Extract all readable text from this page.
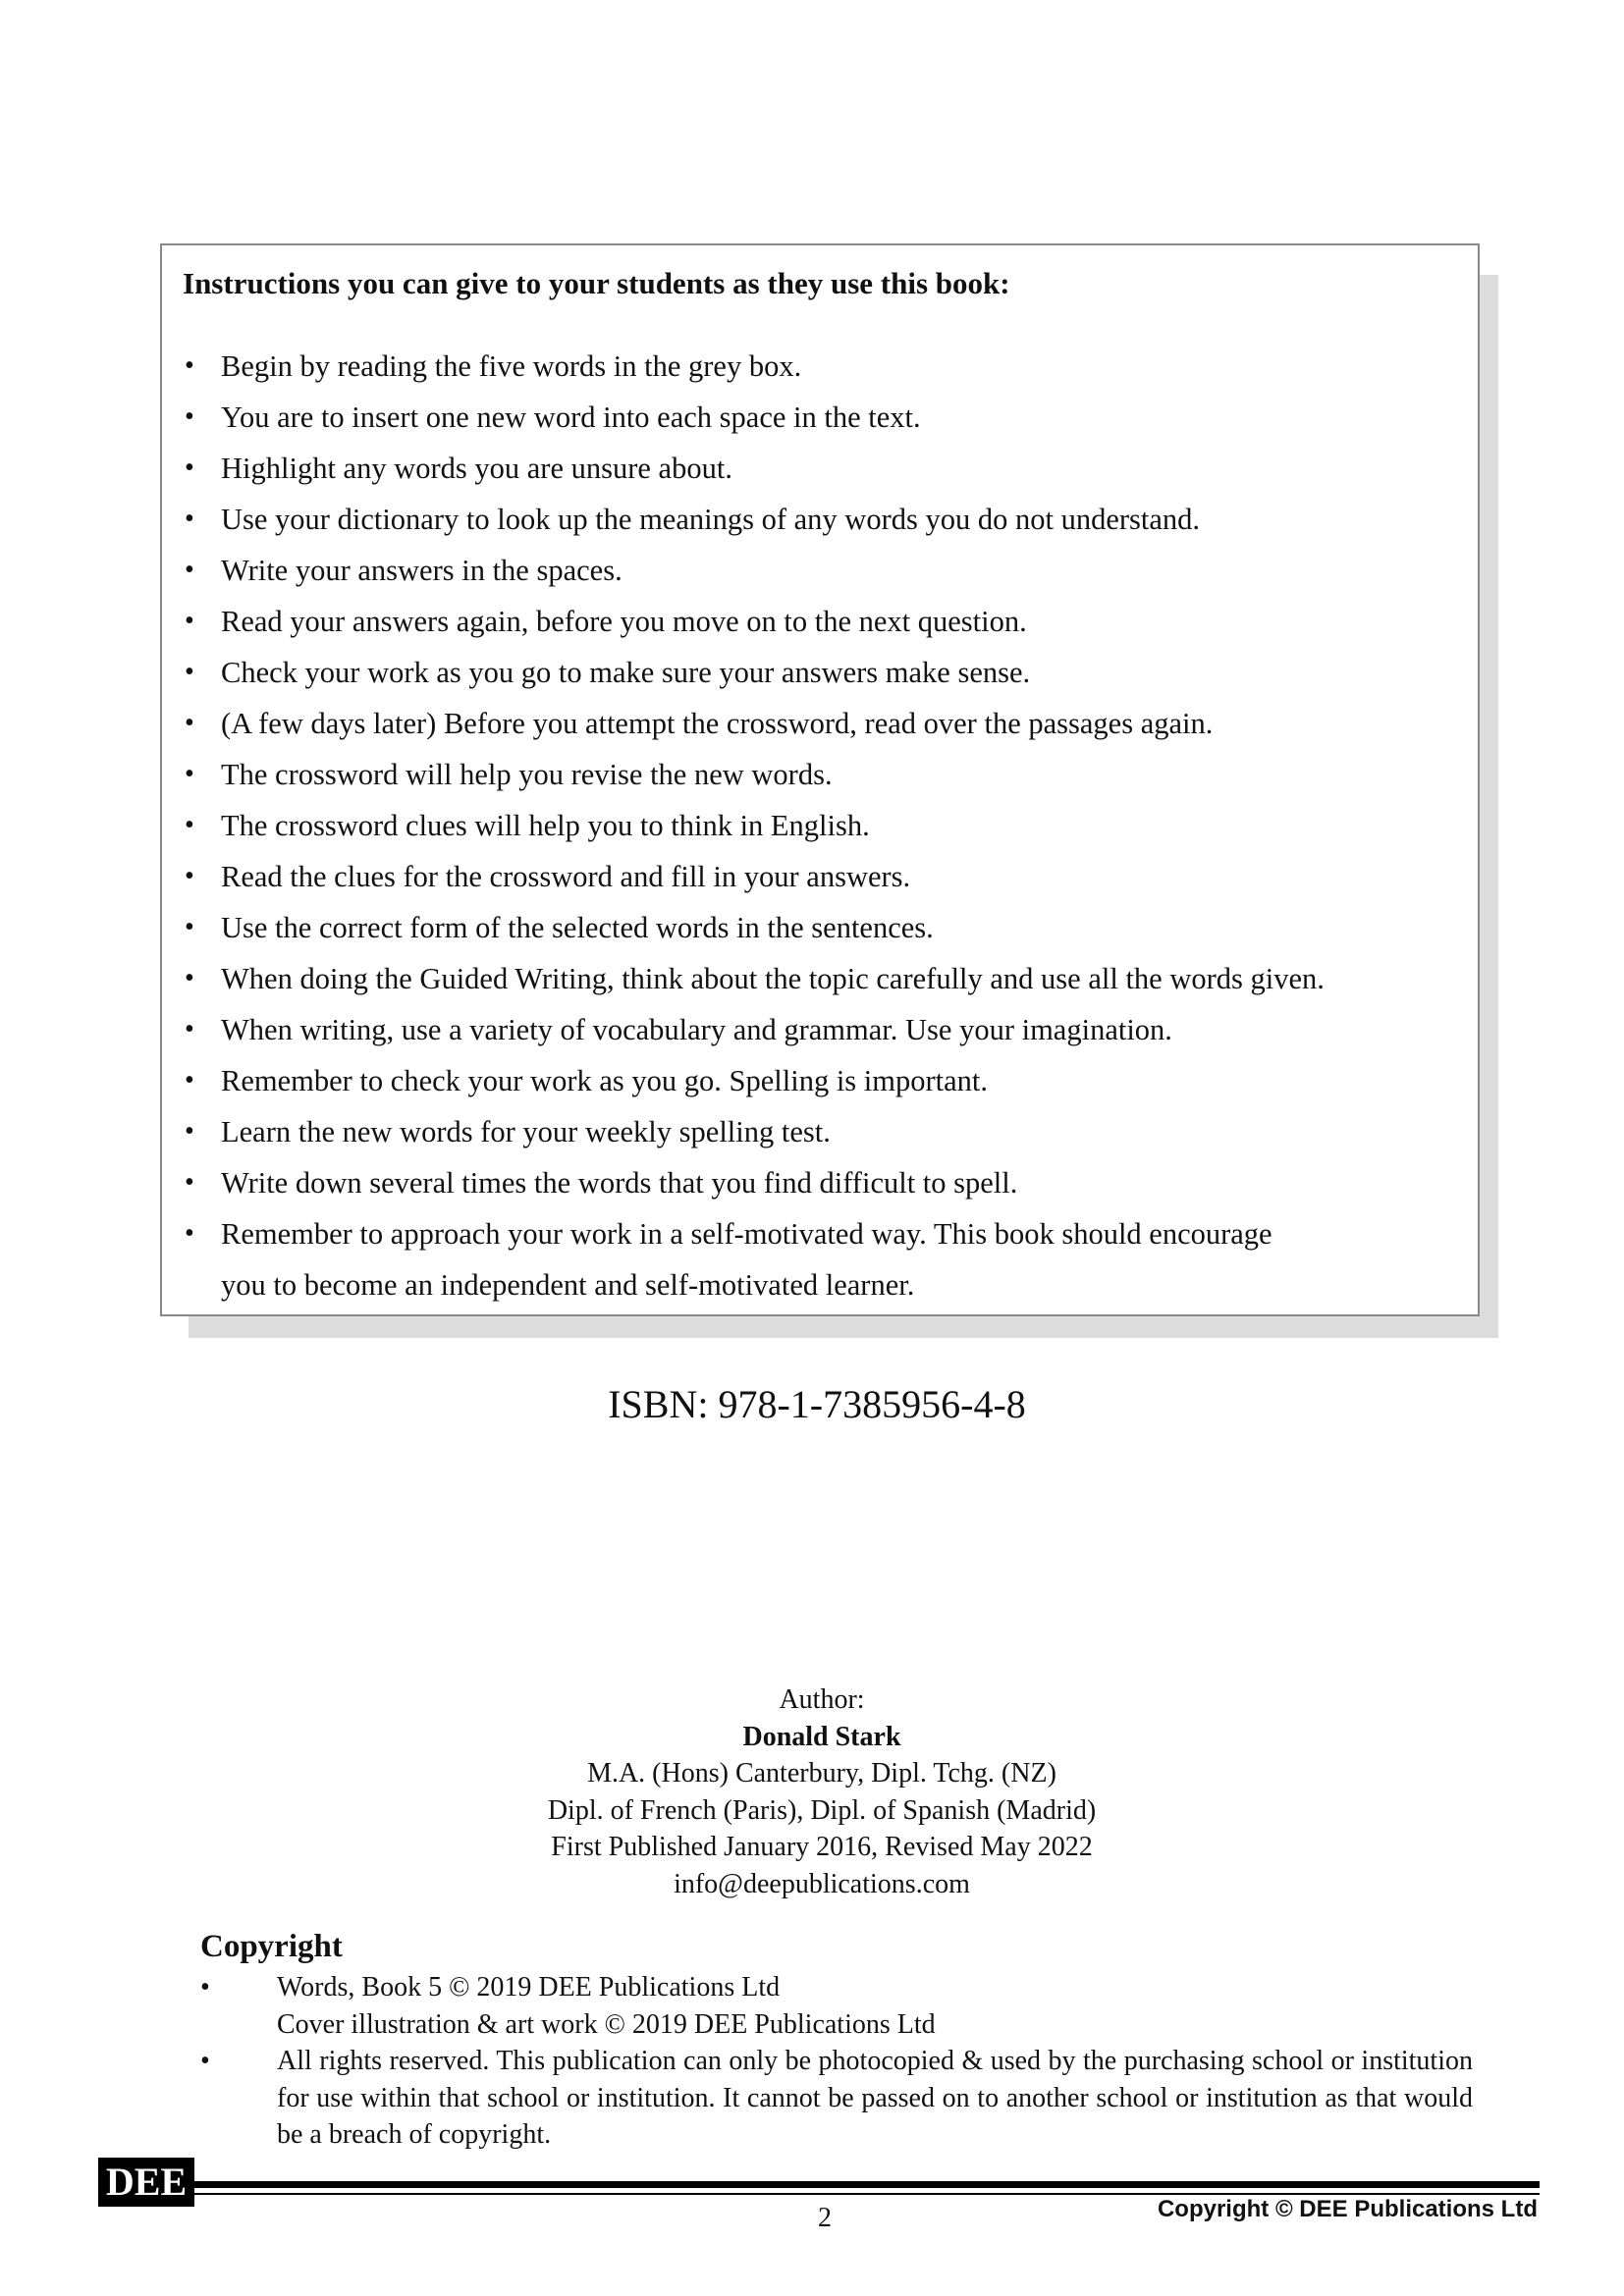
Instructions you can give to your students as they use this book:
• Begin by reading the five words in the grey box.
• You are to insert one new word into each space in the text.
• Highlight any words you are unsure about.
• Use your dictionary to look up the meanings of any words you do not understand.
• Write your answers in the spaces.
• Read your answers again, before you move on to the next question.
• Check your work as you go to make sure your answers make sense.
• (A few days later) Before you attempt the crossword, read over the passages again.
• The crossword will help you revise the new words.
• The crossword clues will help you to think in English.
• Read the clues for the crossword and fill in your answers.
• Use the correct form of the selected words in the sentences.
• When doing the Guided Writing, think about the topic carefully and use all the words given.
• When writing, use a variety of vocabulary and grammar. Use your imagination.
• Remember to check your work as you go. Spelling is important.
• Learn the new words for your weekly spelling test.
• Write down several times the words that you find difficult to spell.
• Remember to approach your work in a self-motivated way. This book should encourage
you to become an independent and self-motivated learner.
ISBN: 978-1-7385956-4-8
Author:
Donald Stark
M.A. (Hons) Canterbury, Dipl. Tchg. (NZ)
Dipl. of French (Paris), Dipl. of Spanish (Madrid)
First Published January 2016, Revised May 2022
info@deepublications.com
Copyright
• Words, Book 5 © 2019 DEE Publications Ltd

Cover illustration & art work © 2019 DEE Publications Ltd

• All rights reserved. This publication can only be photocopied & used by the purchasing school or institution for use within that school or institution. It cannot be passed on to another school or institution as that would be a breach of copyright.

DEE
2	Copyright © DEE Publications Ltd
